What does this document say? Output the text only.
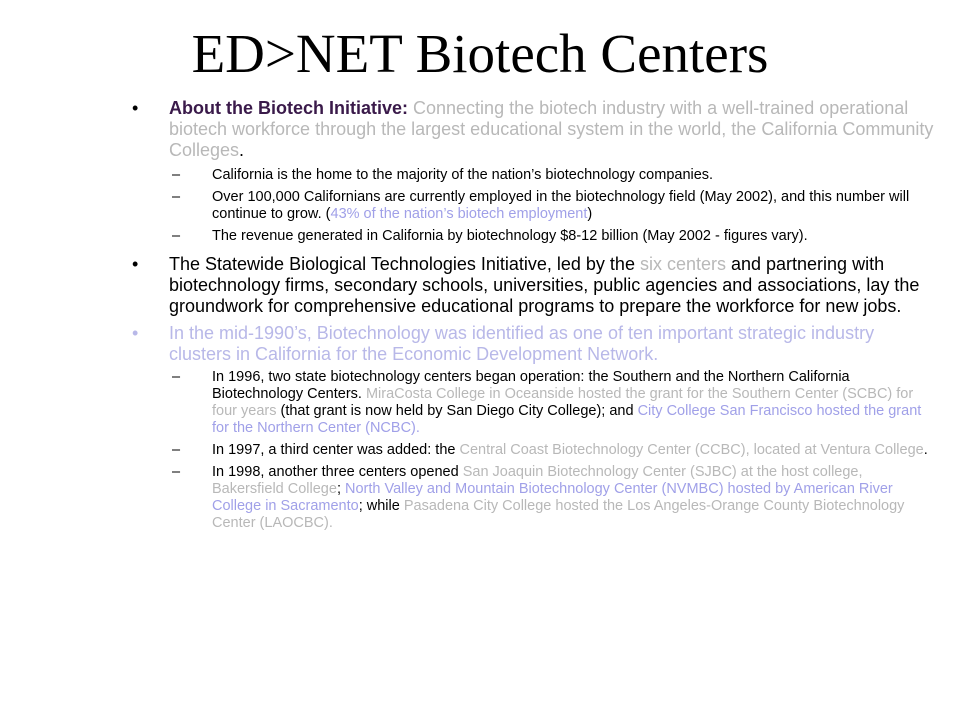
ED>NET Biotech Centers
• About the Biotech Initiative: Connecting the biotech industry with a well-trained operational biotech workforce through the largest educational system in the world, the California Community Colleges.
– California is the home to the majority of the nation’s biotechnology companies.
– Over 100,000 Californians are currently employed in the biotechnology field (May 2002), and this number will continue to grow. (43% of the nation’s biotech employment)
– The revenue generated in California by biotechnology $8-12 billion (May 2002 - figures vary).
• The Statewide Biological Technologies Initiative, led by the six centers and partnering with biotechnology firms, secondary schools, universities, public agencies and associations, lay the groundwork for comprehensive educational programs to prepare the workforce for new jobs.
• In the mid-1990’s, Biotechnology was identified as one of ten important strategic industry clusters in California for the Economic Development Network.
– In 1996, two state biotechnology centers began operation: the Southern and the Northern California Biotechnology Centers. MiraCosta College in Oceanside hosted the grant for the Southern Center (SCBC) for four years (that grant is now held by San Diego City College); and City College San Francisco hosted the grant for the Northern Center (NCBC).
– In 1997, a third center was added: the Central Coast Biotechnology Center (CCBC), located at Ventura College.
– In 1998, another three centers opened San Joaquin Biotechnology Center (SJBC) at the host college, Bakersfield College; North Valley and Mountain Biotechnology Center (NVMBC) hosted by American River College in Sacramento; while Pasadena City College hosted the Los Angeles-Orange County Biotechnology Center (LAOCBC).
